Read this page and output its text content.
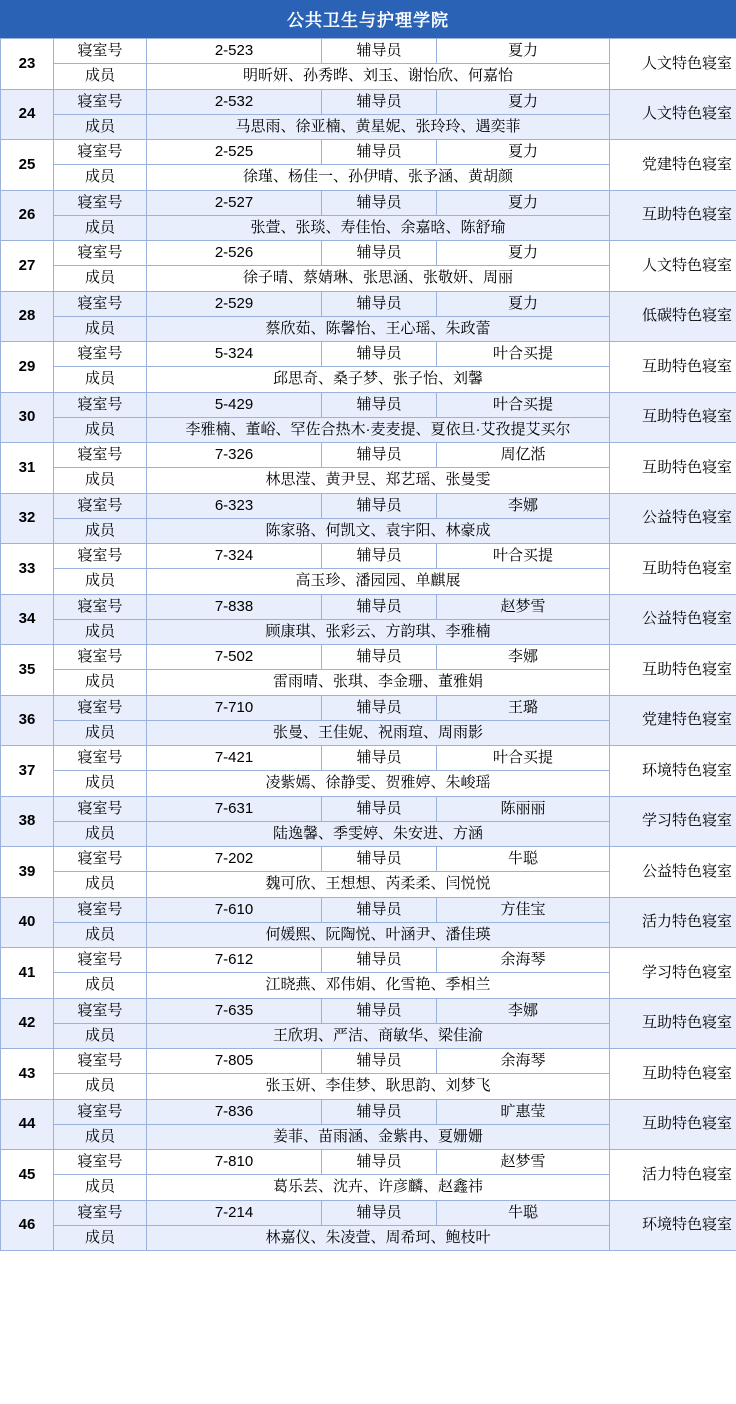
公共卫生与护理学院
23	寝室号	2-523	辅导员	夏力	人文特色寝室
	成员	明昕妍、孙秀晔、刘玉、谢怡欣、何嘉怡			
24	寝室号	2-532	辅导员	夏力	人文特色寝室
	成员	马思雨、徐亚楠、黄星妮、张玲玲、遇奕菲			
25	寝室号	2-525	辅导员	夏力	党建特色寝室
	成员	徐瑾、杨佳一、孙伊晴、张予涵、黄胡颜			
26	寝室号	2-527	辅导员	夏力	互助特色寝室
	成员	张萱、张琰、寿佳怡、余嘉晗、陈舒瑜			
27	寝室号	2-526	辅导员	夏力	人文特色寝室
	成员	徐子晴、蔡婧琳、张思涵、张敬妍、周丽			
28	寝室号	2-529	辅导员	夏力	低碳特色寝室
	成员	蔡欣茹、陈馨怡、王心瑶、朱政蕾			
29	寝室号	5-324	辅导员	叶合买提	互助特色寝室
	成员	邱思奇、桑子梦、张子怡、刘馨			
30	寝室号	5-429	辅导员	叶合买提	互助特色寝室
	成员	李雅楠、董峪、罕佐合热木·麦麦提、夏依旦·艾孜提艾买尔			
31	寝室号	7-326	辅导员	周亿湉	互助特色寝室
	成员	林思滢、黄尹昱、郑艺瑶、张曼雯			
32	寝室号	6-323	辅导员	李娜	公益特色寝室
	成员	陈家骆、何凯文、袁宇阳、林豪成			
33	寝室号	7-324	辅导员	叶合买提	互助特色寝室
	成员	高玉珍、潘园园、单麒展			
34	寝室号	7-838	辅导员	赵梦雪	公益特色寝室
	成员	顾康琪、张彩云、方韵琪、李雅楠			
35	寝室号	7-502	辅导员	李娜	互助特色寝室
	成员	雷雨晴、张琪、李金珊、董雅娟			
36	寝室号	7-710	辅导员	王璐	党建特色寝室
	成员	张曼、王佳妮、祝雨瑄、周雨影			
37	寝室号	7-421	辅导员	叶合买提	环境特色寝室
	成员	凌紫嫣、徐静雯、贺雅婷、朱峻瑶			
38	寝室号	7-631	辅导员	陈丽丽	学习特色寝室
	成员	陆逸馨、季雯婷、朱安进、方涵			
39	寝室号	7-202	辅导员	牛聪	公益特色寝室
	成员	魏可欣、王想想、芮柔柔、闫悦悦			
40	寝室号	7-610	辅导员	方佳宝	活力特色寝室
	成员	何媛熙、阮陶悦、叶涵尹、潘佳瑛			
41	寝室号	7-612	辅导员	余海琴	学习特色寝室
	成员	江晓燕、邓伟娟、化雪艳、季相兰			
42	寝室号	7-635	辅导员	李娜	互助特色寝室
	成员	王欣玥、严洁、商敏华、梁佳渝			
43	寝室号	7-805	辅导员	余海琴	互助特色寝室
	成员	张玉妍、李佳梦、耿思韵、刘梦飞			
44	寝室号	7-836	辅导员	旷惠莹	互助特色寝室
	成员	姜菲、苗雨涵、金紫冉、夏姗姗			
45	寝室号	7-810	辅导员	赵梦雪	活力特色寝室
	成员	葛乐芸、沈卉、许彦麟、赵鑫祎			
46	寝室号	7-214	辅导员	牛聪	环境特色寝室
	成员	林嘉仪、朱凌萱、周希珂、鲍枝叶			
